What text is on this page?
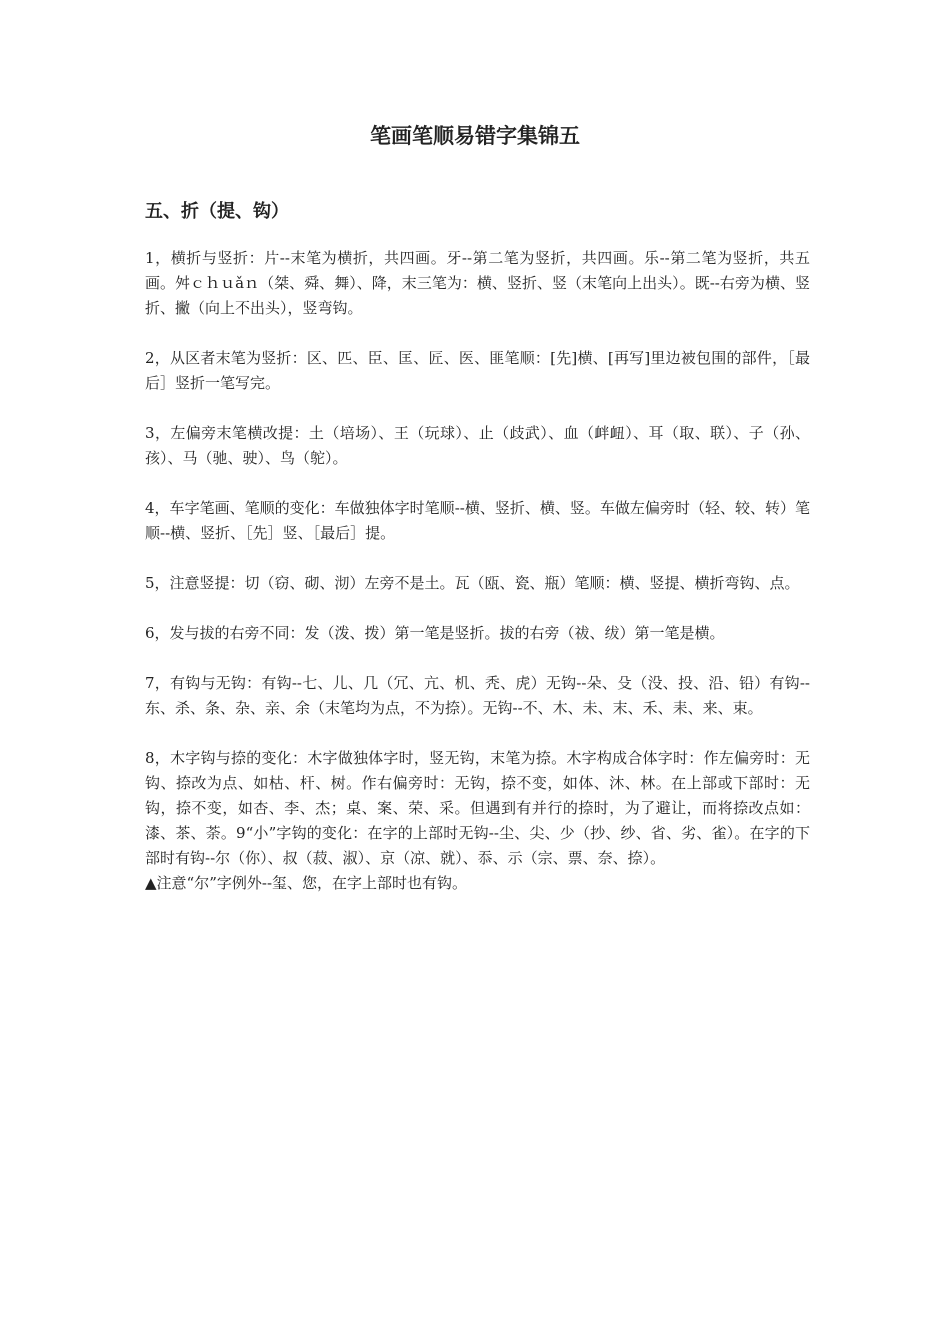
笔画笔顺易错字集锦五
五、折（提、钩）

1，横折与竖折：片--末笔为横折，共四画。牙--第二笔为竖折，共四画。乐--第二笔为竖折，共五画。舛ｃｈｕǎｎ（桀、舜、舞）、降，末三笔为：横、竖折、竖（末笔向上出头）。既--右旁为横、竖折、撇（向上不出头），竖弯钩。

2，从区者末笔为竖折：区、匹、臣、匡、匠、医、匪笔顺：[先]横、[再写]里边被包围的部件，［最后］竖折一笔写完。

3，左偏旁末笔横改提：土（培场）、王（玩球）、止（歧武）、血（衅衄）、耳（取、联）、子（孙、孩）、马（驰、驶）、鸟（鸵）。

4，车字笔画、笔顺的变化：车做独体字时笔顺--横、竖折、横、竖。车做左偏旁时（轻、较、转）笔顺--横、竖折、［先］竖、［最后］提。

5，注意竖提：切（窃、砌、沏）左旁不是土。瓦（瓯、瓷、瓶）笔顺：横、竖提、横折弯钩、点。

6，发与拔的右旁不同：发（泼、拨）第一笔是竖折。拔的右旁（祓、绂）第一笔是横。

7，有钩与无钩：有钩--七、儿、几（冗、亢、机、秃、虎）无钩--朵、殳（没、投、沿、铅）有钩--东、杀、条、杂、亲、余（末笔均为点，不为捺）。无钩--不、木、未、末、禾、耒、来、束。

8，木字钩与捺的变化：木字做独体字时，竖无钩，末笔为捺。木字构成合体字时：作左偏旁时：无钩、捺改为点、如枯、杆、树。作右偏旁时：无钩，捺不变，如体、沐、林。在上部或下部时：无钩，捺不变，如杏、李、杰；桌、案、荣、采。但遇到有并行的捺时，为了避让，而将捺改点如：漆、茶、荼。9“小”字钩的变化：在字的上部时无钩--尘、尖、少（抄、纱、省、劣、雀）。在字的下部时有钩--尔（你）、叔（菽、淑）、京（凉、就）、忝、示（宗、票、奈、捺）。

▲注意“尔”字例外--玺、您，在字上部时也有钩。
